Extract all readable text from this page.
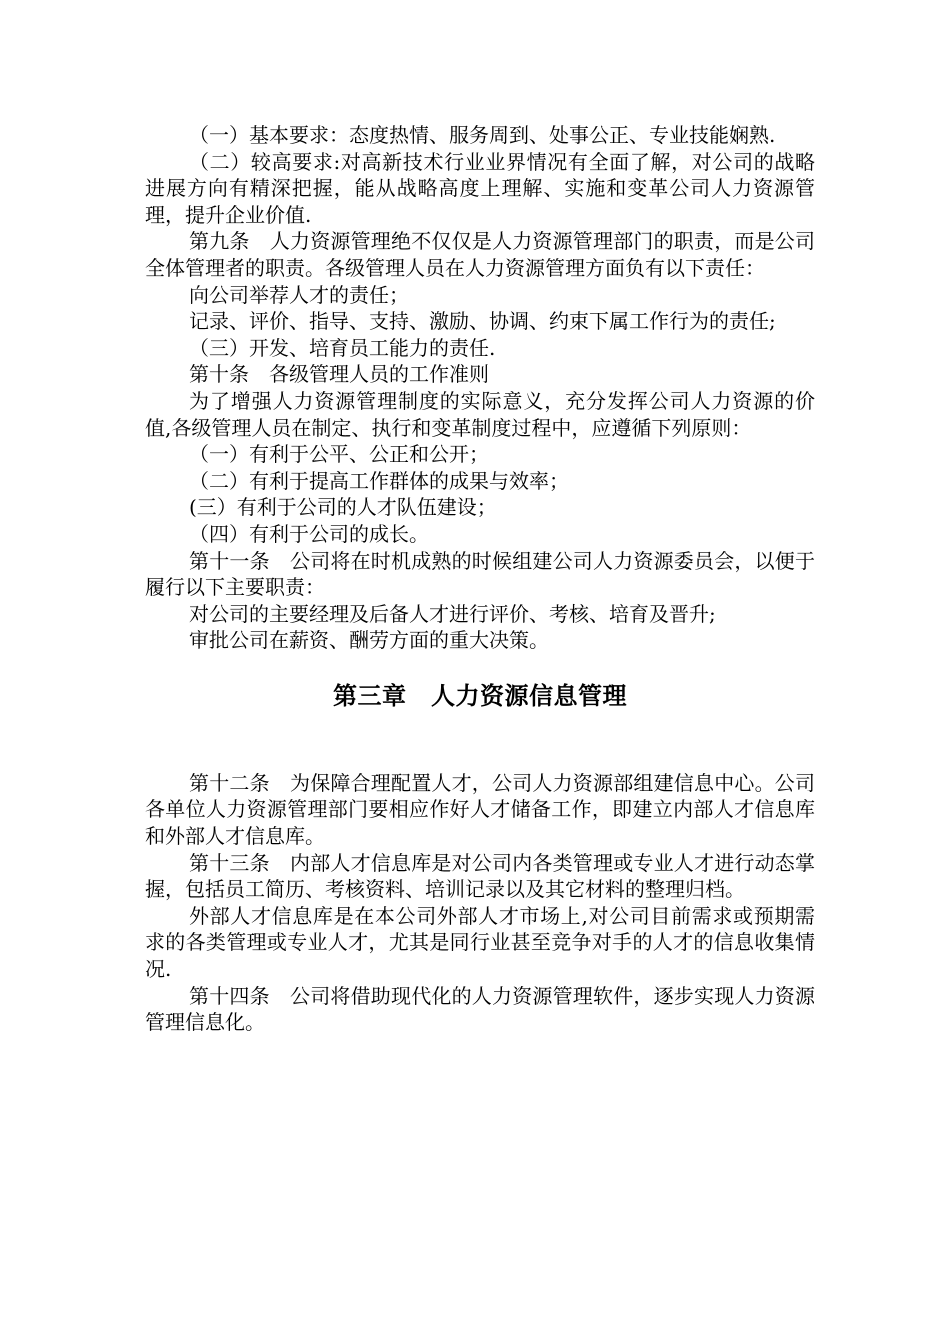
（一）基本要求：态度热情、服务周到、处事公正、专业技能娴熟.

（二）较高要求:对高新技术行业业界情况有全面了解，对公司的战略进展方向有精深把握，能从战略高度上理解、实施和变革公司人力资源管理，提升企业价值.

第九条　人力资源管理绝不仅仅是人力资源管理部门的职责，而是公司全体管理者的职责。各级管理人员在人力资源管理方面负有以下责任：

向公司举荐人才的责任；

记录、评价、指导、支持、激励、协调、约束下属工作行为的责任;

（三）开发、培育员工能力的责任.

第十条　各级管理人员的工作准则

为了增强人力资源管理制度的实际意义，充分发挥公司人力资源的价值,各级管理人员在制定、执行和变革制度过程中，应遵循下列原则：

（一）有利于公平、公正和公开；

（二）有利于提高工作群体的成果与效率；

(三）有利于公司的人才队伍建设；

（四）有利于公司的成长。

第十一条　公司将在时机成熟的时候组建公司人力资源委员会，以便于履行以下主要职责：

对公司的主要经理及后备人才进行评价、考核、培育及晋升;

审批公司在薪资、酬劳方面的重大决策。

第三章　人力资源信息管理

第十二条　为保障合理配置人才，公司人力资源部组建信息中心。公司各单位人力资源管理部门要相应作好人才储备工作，即建立内部人才信息库和外部人才信息库。

第十三条　内部人才信息库是对公司内各类管理或专业人才进行动态掌握，包括员工简历、考核资料、培训记录以及其它材料的整理归档。

外部人才信息库是在本公司外部人才市场上,对公司目前需求或预期需求的各类管理或专业人才，尤其是同行业甚至竞争对手的人才的信息收集情况.

第十四条　公司将借助现代化的人力资源管理软件，逐步实现人力资源管理信息化。
